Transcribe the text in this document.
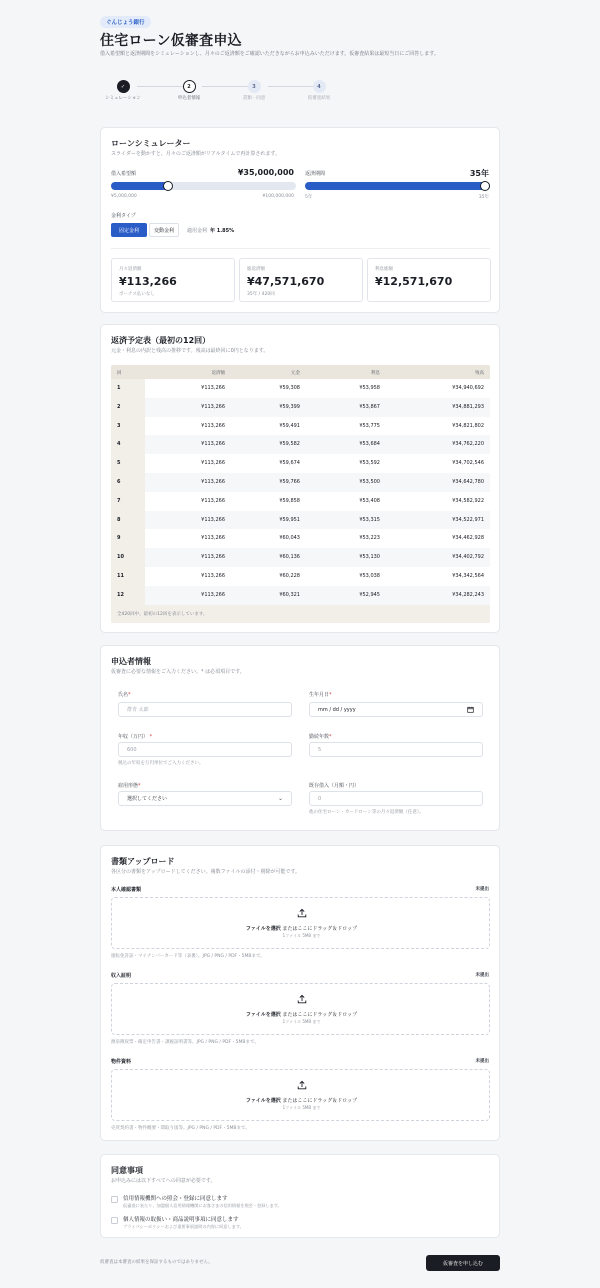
ぐんじょう銀行
住宅ローン仮審査申込
借入希望額と返済期間をシミュレーションし、月々のご返済額をご確認いただきながらお申込みいただけます。仮審査結果は最短当日にご回答します。
✓
シミュレーション
2
申込者情報
3
書類・同意
4
仮審査結果
ローンシミュレーター
スライダーを動かすと、月々のご返済額がリアルタイムで再計算されます。
借入希望額	¥35,000,000
¥5,000,000	¥100,000,000
返済期間	35年
5年	35年
金利タイプ
固定金利	変動金利	適用金利 年 1.85%
月々返済額
¥113,266
ボーナス払いなし
総返済額
¥47,571,670
35年 / 420回
利息総額
¥12,571,670
返済予定表（最初の12回）
元金・利息の内訳と残高の推移です。残高は最終回に0円となります。
回	返済額	元金	利息	残高
1	¥113,266	¥59,308	¥53,958	¥34,940,692
2	¥113,266	¥59,399	¥53,867	¥34,881,293
3	¥113,266	¥59,491	¥53,775	¥34,821,802
4	¥113,266	¥59,582	¥53,684	¥34,762,220
5	¥113,266	¥59,674	¥53,592	¥34,702,546
6	¥113,266	¥59,766	¥53,500	¥34,642,780
7	¥113,266	¥59,858	¥53,408	¥34,582,922
8	¥113,266	¥59,951	¥53,315	¥34,522,971
9	¥113,266	¥60,043	¥53,223	¥34,462,928
10	¥113,266	¥60,136	¥53,130	¥34,402,792
11	¥113,266	¥60,228	¥53,038	¥34,342,564
12	¥113,266	¥60,321	¥52,945	¥34,282,243
全420回中、最初の12回を表示しています。
申込者情報
仮審査に必要な情報をご入力ください。* は必須項目です。
氏名*
群青 太郎
生年月日*
mm / dd / yyyy
年収（万円） *
600
税込の年収を万円単位でご入力ください。
勤続年数*
5
雇用形態*
選択してください	⌄
既存借入（月額・円）
0
他の住宅ローン・カードローン等の月々返済額（任意）。
書類アップロード
各区分の書類をアップロードしてください。複数ファイルの添付・削除が可能です。
本人確認書類	未提出
ファイルを選択 またはここにドラッグ＆ドロップ
1ファイル 5MB まで
運転免許証・マイナンバーカード等（表裏）。JPG / PNG / PDF・5MBまで。
収入証明	未提出
ファイルを選択 またはここにドラッグ＆ドロップ
1ファイル 5MB まで
源泉徴収票・確定申告書・課税証明書等。JPG / PNG / PDF・5MBまで。
物件資料	未提出
ファイルを選択 またはここにドラッグ＆ドロップ
1ファイル 5MB まで
売買契約書・物件概要・間取り図等。JPG / PNG / PDF・5MBまで。
同意事項
お申込みには以下すべてへの同意が必要です。
信用情報機関への照会・登録に同意します
仮審査に表たり、加盟個人信用情報機関にお客さまの信用情報を照会・登録します。
個人情報の取扱い・商品説明事項に同意します
プライバシーポリシーおよび重要事項説明の内容に同意します。
仮審査は本審査の結果を保証するものではありません。	仮審査を申し込む
